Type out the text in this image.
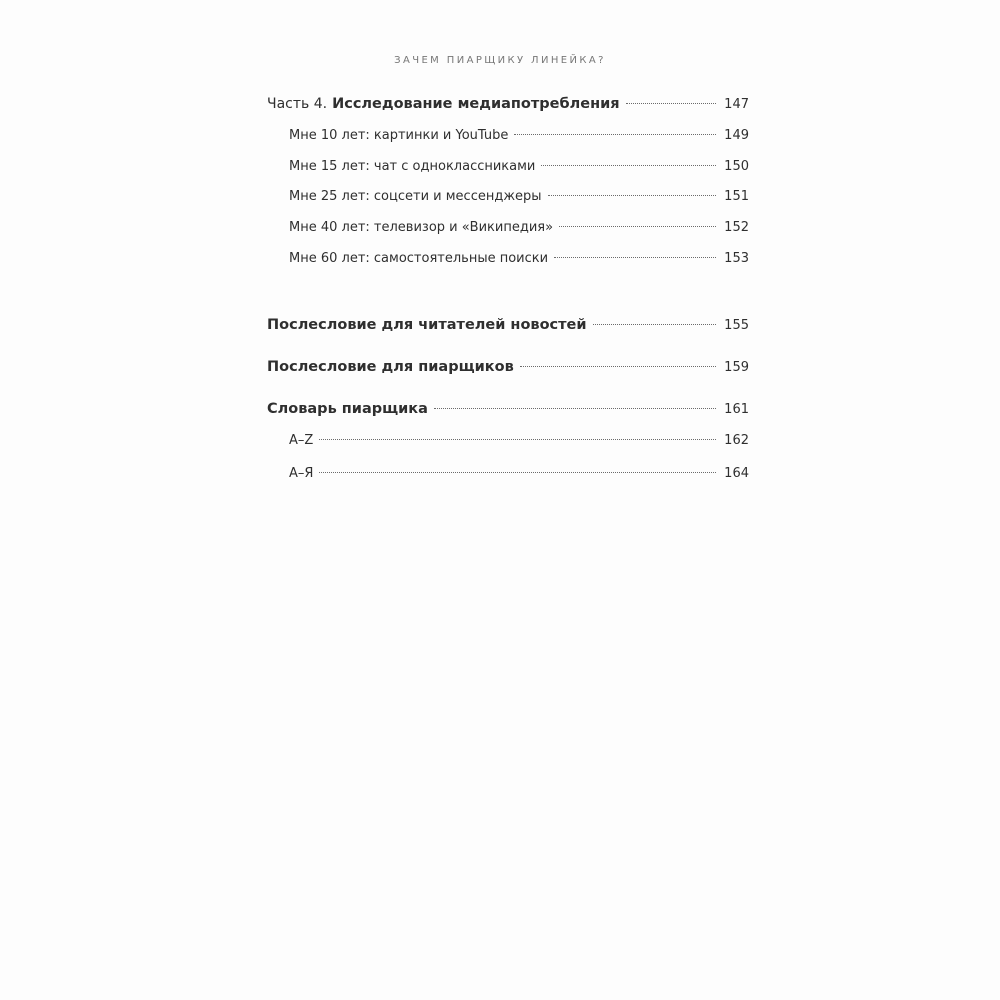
ЗАЧЕМ ПИАРЩИКУ ЛИНЕЙКА?
Часть 4. Исследование медиапотребления	147
Мне 10 лет: картинки и YouTube	149
Мне 15 лет: чат с одноклассниками	150
Мне 25 лет: соцсети и мессенджеры	151
Мне 40 лет: телевизор и «Википедия»	152
Мне 60 лет: самостоятельные поиски	153
Послесловие для читателей новостей	155
Послесловие для пиарщиков	159
Словарь пиарщика	161
A–Z	162
А–Я	164
